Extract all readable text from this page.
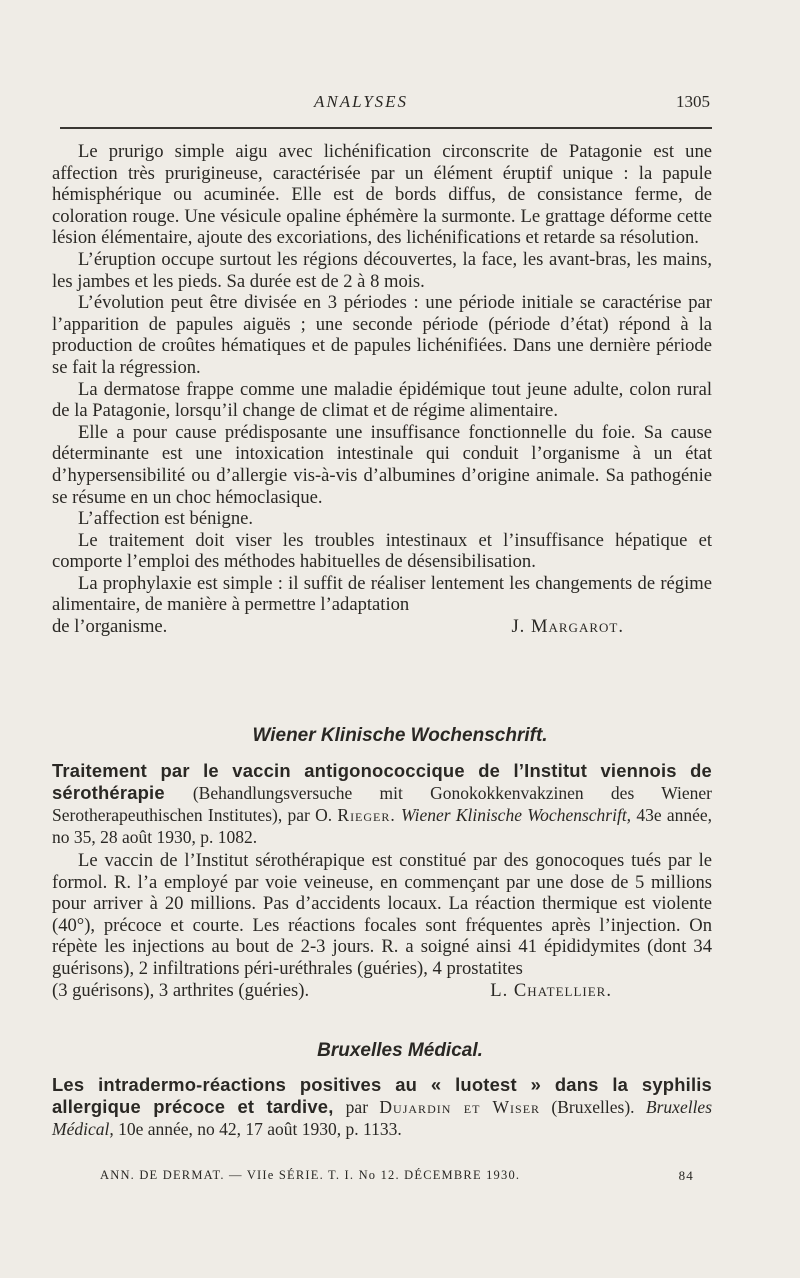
ANALYSES	1305

Le prurigo simple aigu avec lichénification circonscrite de Patagonie est une affection très prurigineuse, caractérisée par un élément éruptif unique : la papule hémisphérique ou acuminée. Elle est de bords diffus, de consistance ferme, de coloration rouge. Une vésicule opaline éphémère la surmonte. Le grattage déforme cette lésion élémentaire, ajoute des excoriations, des lichénifications et retarde sa résolution.

L’éruption occupe surtout les régions découvertes, la face, les avant-bras, les mains, les jambes et les pieds. Sa durée est de 2 à 8 mois.

L’évolution peut être divisée en 3 périodes : une période initiale se caractérise par l’apparition de papules aiguës ; une seconde période (période d’état) répond à la production de croûtes hématiques et de papules lichénifiées. Dans une dernière période se fait la régression.

La dermatose frappe comme une maladie épidémique tout jeune adulte, colon rural de la Patagonie, lorsqu’il change de climat et de régime alimentaire.

Elle a pour cause prédisposante une insuffisance fonctionnelle du foie. Sa cause déterminante est une intoxication intestinale qui conduit l’organisme à un état d’hypersensibilité ou d’allergie vis-à-vis d’albumines d’origine animale. Sa pathogénie se résume en un choc hémoclasique.

L’affection est bénigne.

Le traitement doit viser les troubles intestinaux et l’insuffisance hépatique et comporte l’emploi des méthodes habituelles de désensibilisation.

La prophylaxie est simple : il suffit de réaliser lentement les changements de régime alimentaire, de manière à permettre l’adaptation

de l’organisme.	J. Margarot.

Wiener Klinische Wochenschrift.

Traitement par le vaccin antigonococcique de l’Institut viennois de sérothérapie (Behandlungsversuche mit Gonokokkenvakzinen des Wiener Serotherapeuthischen Institutes), par O. Rieger. Wiener Klinische Wochenschrift, 43e année, no 35, 28 août 1930, p. 1082.

Le vaccin de l’Institut sérothérapique est constitué par des gonocoques tués par le formol. R. l’a employé par voie veineuse, en commençant par une dose de 5 millions pour arriver à 20 millions. Pas d’accidents locaux. La réaction thermique est violente (40°), précoce et courte. Les réactions focales sont fréquentes après l’injection. On répète les injections au bout de 2-3 jours. R. a soigné ainsi 41 épididymites (dont 34 guérisons), 2 infiltrations péri-uréthrales (guéries), 4 prostatites

(3 guérisons), 3 arthrites (guéries).	L. Chatellier.

Bruxelles Médical.

Les intradermo-réactions positives au « luotest » dans la syphilis allergique précoce et tardive, par Dujardin et Wiser (Bruxelles). Bruxelles Médical, 10e année, no 42, 17 août 1930, p. 1133.

ANN. DE DERMAT. — VIIe SÉRIE. T. I. No 12. DÉCEMBRE 1930.	84
